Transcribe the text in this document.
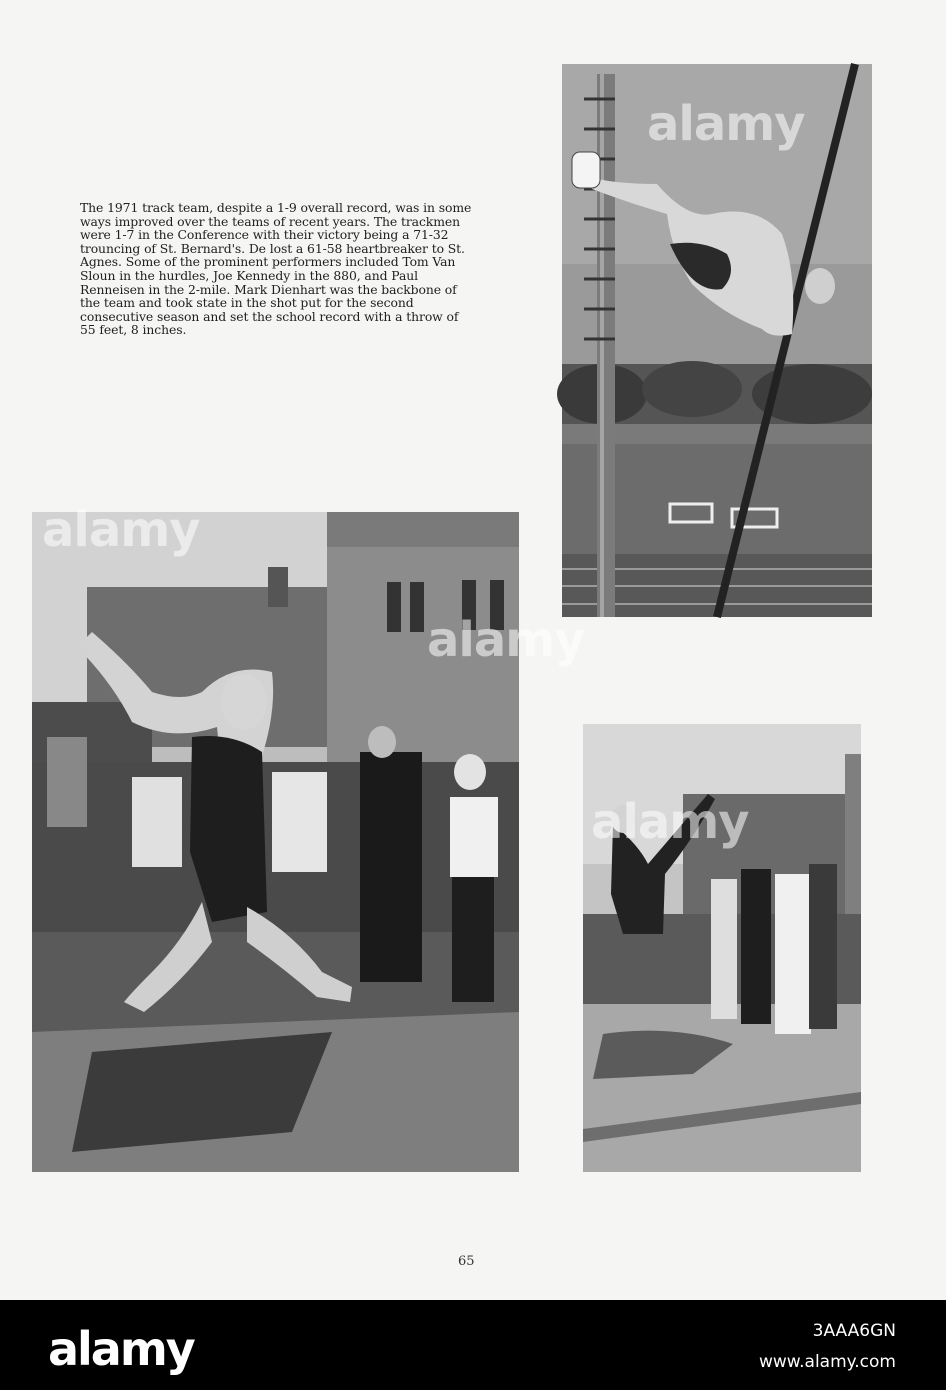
The 1971 track team, despite a 1-9 overall record, was in some ways improved over the teams of recent years. The trackmen were 1-7 in the Conference with their victory being a 71-32 trouncing of St. Bernard's. De lost a 61-58 heartbreaker to St. Agnes. Some of the prominent performers included Tom Van Sloun in the hurdles, Joe Kennedy in the 880, and Paul Renneisen in the 2-mile. Mark Dienhart was the backbone of the team and took state in the shot put for the second consecutive season and set the school record with a throw of 55 feet, 8 inches.

alamy
alamy
alamy
alamy
65
alamy	3AAA6GN
www.alamy.com
